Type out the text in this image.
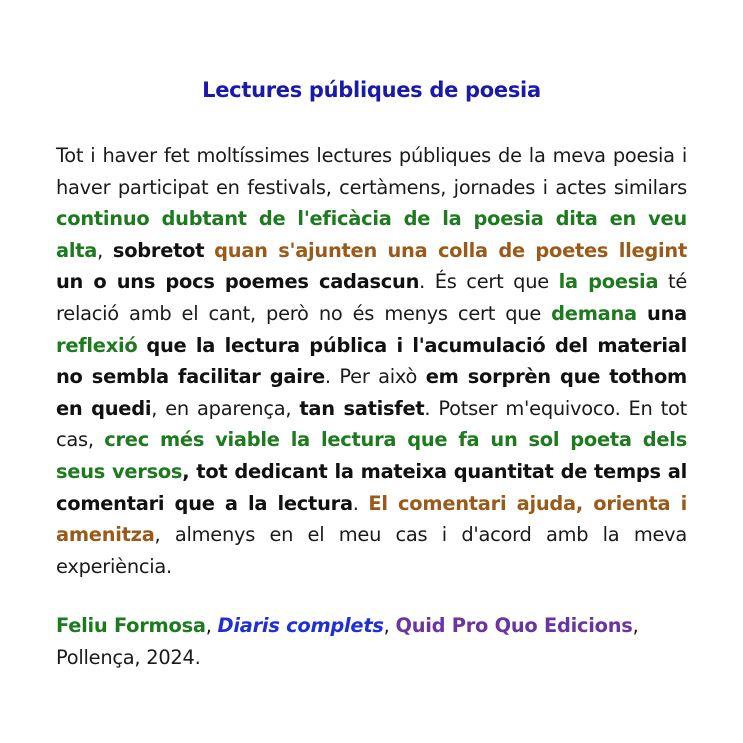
Lectures públiques de poesia

Tot i haver fet moltíssimes lectures públiques de la meva poesia i haver participat en festivals, certàmens, jornades i actes similars continuo dubtant de l'eficàcia de la poesia dita en veu alta, sobretot quan s'ajunten una colla de poetes llegint un o uns pocs poemes cadascun. És cert que la poesia té relació amb el cant, però no és menys cert que demana una reflexió que la lectura pública i l'acumulació del material no sembla facilitar gaire. Per això em sorprèn que tothom en quedi, en aparença, tan satisfet. Potser m'equivoco. En tot cas, crec més viable la lectura que fa un sol poeta dels seus versos, tot dedicant la mateixa quantitat de temps al comentari que a la lectura. El comentari ajuda, orienta i amenitza, almenys en el meu cas i d'acord amb la meva experiència.

Feliu Formosa, Diaris complets, Quid Pro Quo Edicions, Pollença, 2024.
